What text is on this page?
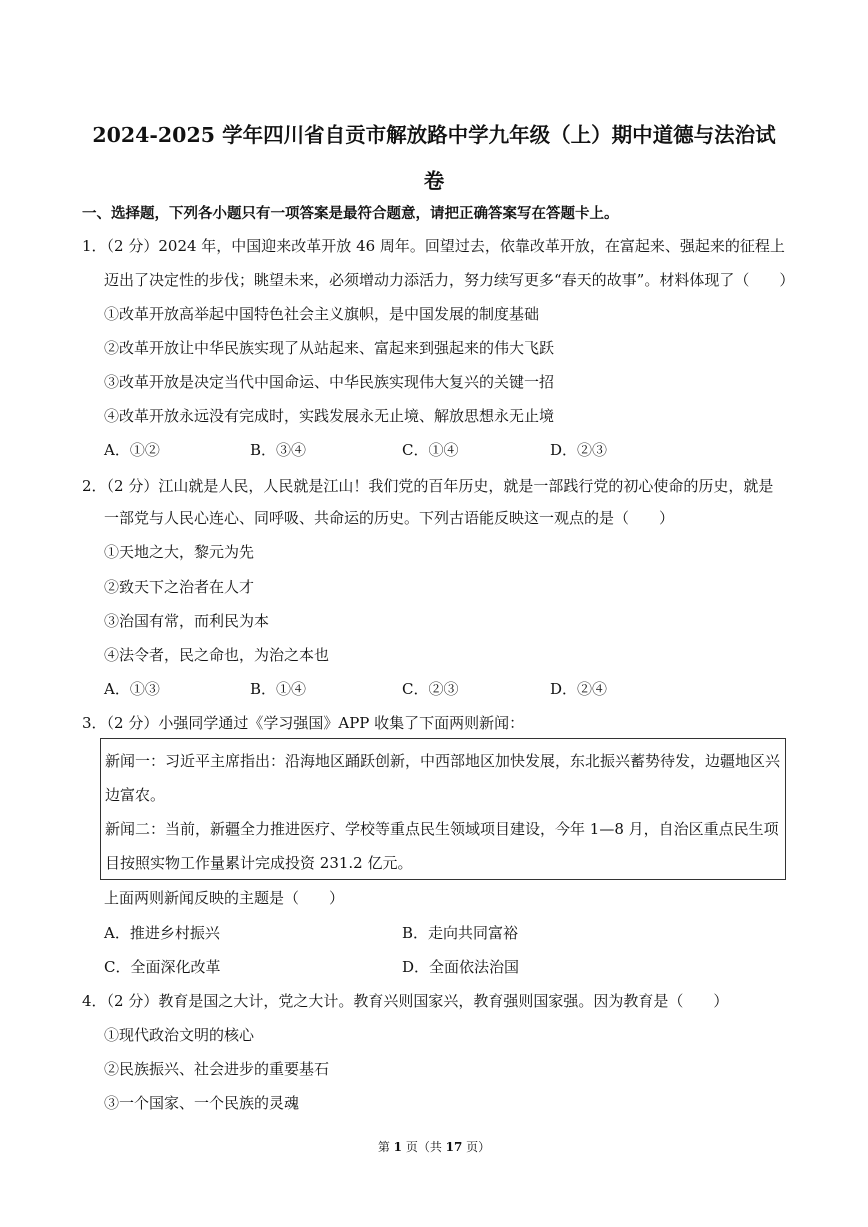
2024-2025 学年四川省自贡市解放路中学九年级（上）期中道德与法治试
卷
一、选择题，下列各小题只有一项答案是最符合题意，请把正确答案写在答题卡上。
1．（2 分）2024 年，中国迎来改革开放 46 周年。回望过去，依靠改革开放，在富起来、强起来的征程上
迈出了决定性的步伐；眺望未来，必须增动力添活力，努力续写更多“春天的故事”。材料体现了（　　）
①改革开放高举起中国特色社会主义旗帜，是中国发展的制度基础
②改革开放让中华民族实现了从站起来、富起来到强起来的伟大飞跃
③改革开放是决定当代中国命运、中华民族实现伟大复兴的关键一招
④改革开放永远没有完成时，实践发展永无止境、解放思想永无止境
A．①②	B．③④	C．①④	D．②③
2．（2 分）江山就是人民，人民就是江山！我们党的百年历史，就是一部践行党的初心使命的历史，就是
一部党与人民心连心、同呼吸、共命运的历史。下列古语能反映这一观点的是（　　）
①天地之大，黎元为先
②致天下之治者在人才
③治国有常，而利民为本
④法令者，民之命也，为治之本也
A．①③	B．①④	C．②③	D．②④
3．（2 分）小强同学通过《学习强国》APP 收集了下面两则新闻：
新闻一：习近平主席指出：沿海地区踊跃创新，中西部地区加快发展，东北振兴蓄势待发，边疆地区兴
边富农。
新闻二：当前，新疆全力推进医疗、学校等重点民生领域项目建设，今年 1—8 月，自治区重点民生项
目按照实物工作量累计完成投资 231.2 亿元。
上面两则新闻反映的主题是（　　）
A．推进乡村振兴	B．走向共同富裕
C．全面深化改革	D．全面依法治国
4．（2 分）教育是国之大计，党之大计。教育兴则国家兴，教育强则国家强。因为教育是（　　）
①现代政治文明的核心
②民族振兴、社会进步的重要基石
③一个国家、一个民族的灵魂
第 1 页（共 17 页）
